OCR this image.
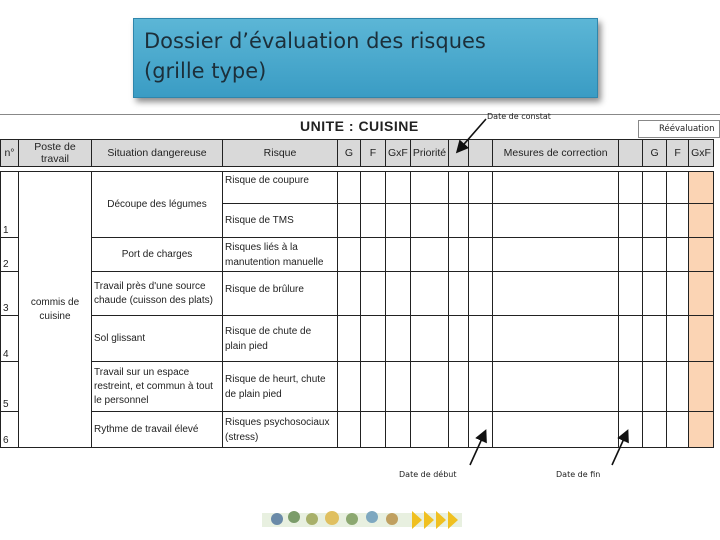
Dossier d’évaluation des risques
(grille type)
UNITE : CUISINE
Date de constat
Réévaluation
Date de début	Date de fin
n°	Poste de travail	Situation dangereuse	Risque	G	F	GxF	Priorité			Mesures de correction		G	F	GxF

1	commis de cuisine	Découpe des légumes	Risque de coupure											
			Risque de TMS											
2		Port de charges	Risques liés à la manutention manuelle											
3		Travail près d'une source chaude (cuisson des plats)	Risque de brûlure											
4		Sol glissant	Risque de chute de plain pied											
5		Travail sur un espace restreint, et commun à tout le personnel	Risque de heurt, chute de plain pied											
6		Rythme de travail élevé	Risques psychosociaux (stress)											
